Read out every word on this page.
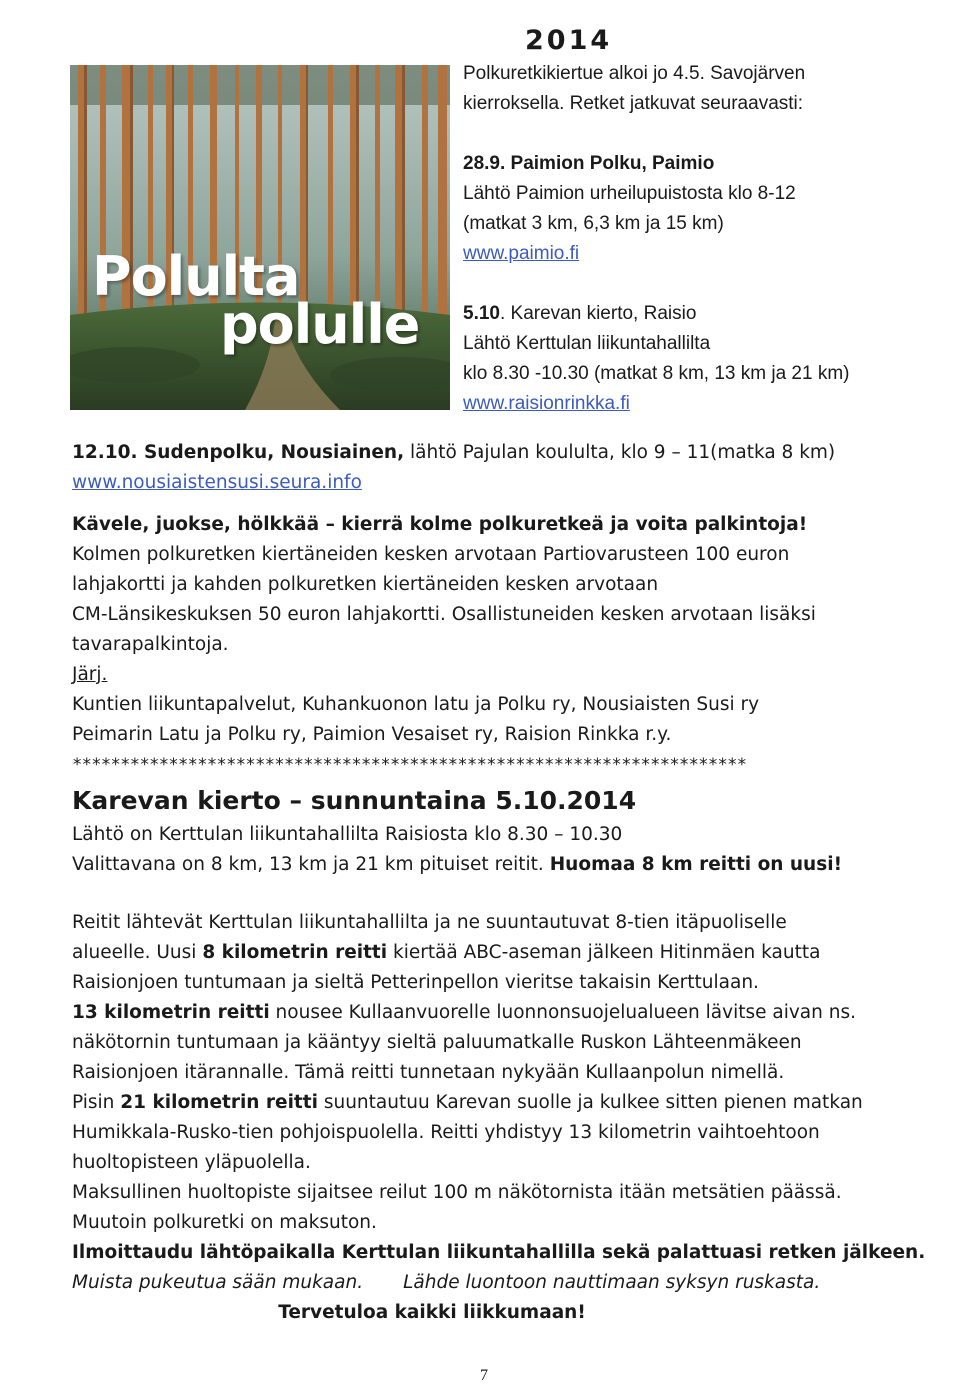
Polulta
polulle
2014
Polkuretkikiertue alkoi jo 4.5. Savojärven
kierroksella. Retket jatkuvat seuraavasti:
28.9. Paimion Polku, Paimio
Lähtö Paimion urheilupuistosta klo 8-12
(matkat 3 km, 6,3 km ja 15 km)
www.paimio.fi
5.10. Karevan kierto, Raisio
Lähtö Kerttulan liikuntahallilta
klo 8.30 -10.30 (matkat 8 km, 13 km ja 21 km)
www.raisionrinkka.fi
12.10. Sudenpolku, Nousiainen, lähtö Pajulan koululta, klo 9 – 11(matka 8 km)
www.nousiaistensusi.seura.info
Kävele, juokse, hölkkää – kierrä kolme polkuretkeä ja voita palkintoja!
Kolmen polkuretken kiertäneiden kesken arvotaan Partiovarusteen 100 euron
lahjakortti ja kahden polkuretken kiertäneiden kesken arvotaan
CM-Länsikeskuksen 50 euron lahjakortti. Osallistuneiden kesken arvotaan lisäksi
tavarapalkintoja.
Järj.
Kuntien liikuntapalvelut, Kuhankuonon latu ja Polku ry, Nousiaisten Susi ry
Peimarin Latu ja Polku ry, Paimion Vesaiset ry, Raision Rinkka r.y.
**********************************************************************
Karevan kierto – sunnuntaina 5.10.2014
Lähtö on Kerttulan liikuntahallilta Raisiosta klo 8.30 – 10.30
Valittavana on 8 km, 13 km ja 21 km pituiset reitit. Huomaa 8 km reitti on uusi!
Reitit lähtevät Kerttulan liikuntahallilta ja ne suuntautuvat 8-tien itäpuoliselle
alueelle. Uusi 8 kilometrin reitti kiertää ABC-aseman jälkeen Hitinmäen kautta
Raisionjoen tuntumaan ja sieltä Petterinpellon vieritse takaisin Kerttulaan.
13 kilometrin reitti nousee Kullaanvuorelle luonnonsuojelualueen lävitse aivan ns.
näkötornin tuntumaan ja kääntyy sieltä paluumatkalle Ruskon Lähteenmäkeen
Raisionjoen itärannalle. Tämä reitti tunnetaan nykyään Kullaanpolun nimellä.
Pisin 21 kilometrin reitti suuntautuu Karevan suolle ja kulkee sitten pienen matkan
Humikkala-Rusko-tien pohjoispuolella. Reitti yhdistyy 13 kilometrin vaihtoehtoon
huoltopisteen yläpuolella.
Maksullinen huoltopiste sijaitsee reilut 100 m näkötornista itään metsätien päässä.
Muutoin polkuretki on maksuton.
Ilmoittaudu lähtöpaikalla Kerttulan liikuntahallilla sekä palattuasi retken jälkeen.
Muista pukeutua sään mukaan. Lähde luontoon nauttimaan syksyn ruskasta.
Tervetuloa kaikki liikkumaan!
7
